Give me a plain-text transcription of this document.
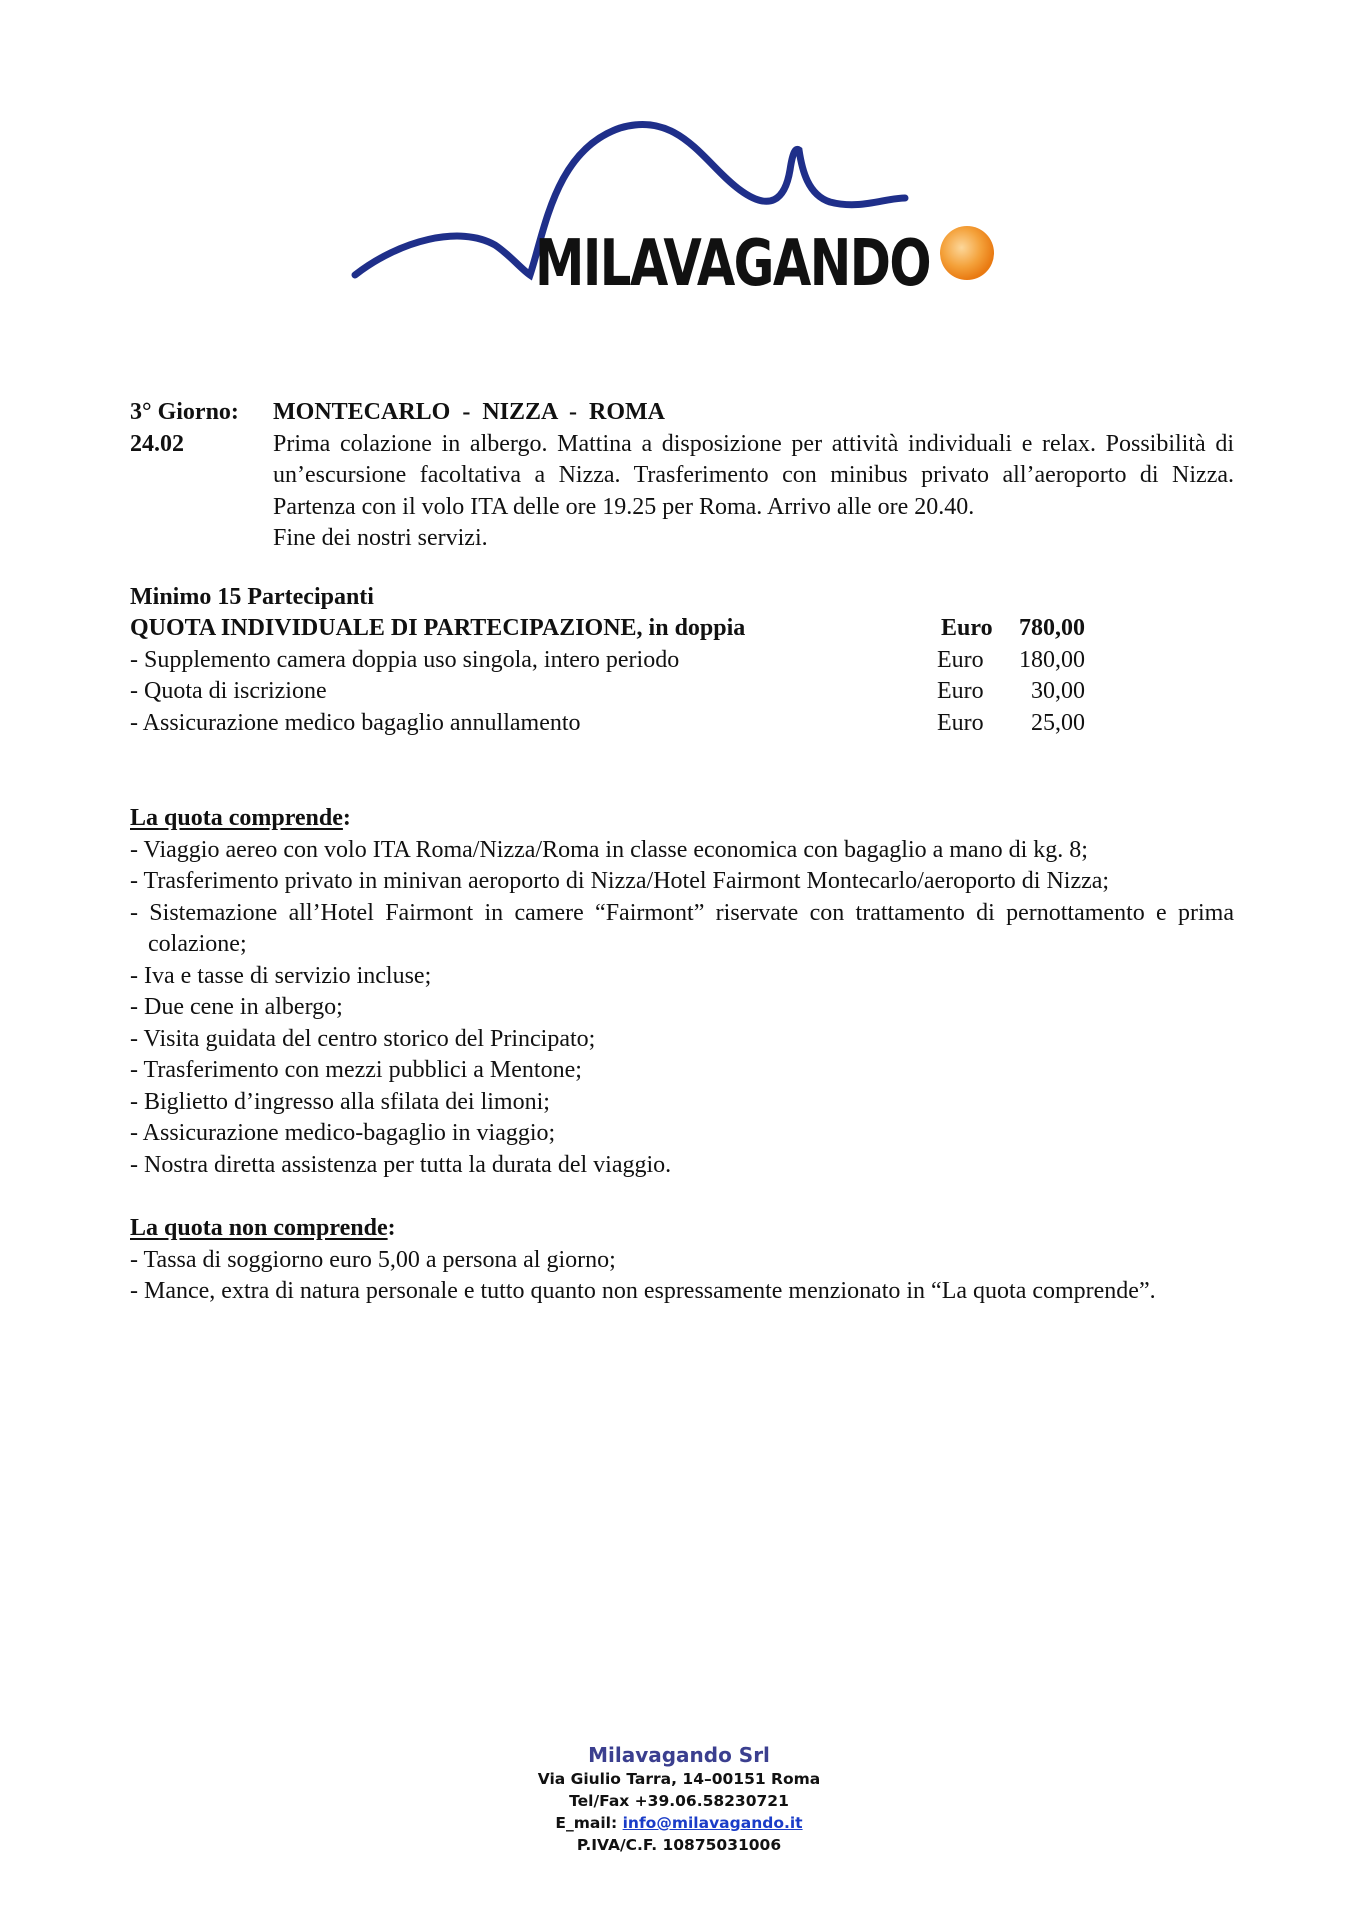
MILAVAGANDO
3° Giorno:
24.02
MONTECARLO - NIZZA - ROMA
Prima colazione in albergo. Mattina a disposizione per attività individuali e relax. Possibilità di un’escursione facoltativa a Nizza. Trasferimento con minibus privato all’aeroporto di Nizza. Partenza con il volo ITA delle ore 19.25 per Roma. Arrivo alle ore 20.40.
Fine dei nostri servizi.
Minimo 15 Partecipanti
QUOTA INDIVIDUALE DI PARTECIPAZIONE, in doppia	Euro	780,00
- Supplemento camera doppia uso singola, intero periodo	Euro	180,00
- Quota di iscrizione	Euro	30,00
- Assicurazione medico bagaglio annullamento	Euro	25,00
La quota comprende:
- Viaggio aereo con volo ITA Roma/Nizza/Roma in classe economica con bagaglio a mano di kg. 8;
- Trasferimento privato in minivan aeroporto di Nizza/Hotel Fairmont Montecarlo/aeroporto di Nizza;
- Sistemazione all’Hotel Fairmont in camere “Fairmont” riservate con trattamento di pernottamento e prima colazione;
- Iva e tasse di servizio incluse;
- Due cene in albergo;
- Visita guidata del centro storico del Principato;
- Trasferimento con mezzi pubblici a Mentone;
- Biglietto d’ingresso alla sfilata dei limoni;
- Assicurazione medico-bagaglio in viaggio;
- Nostra diretta assistenza per tutta la durata del viaggio.
La quota non comprende:
- Tassa di soggiorno euro 5,00 a persona al giorno;
- Mance, extra di natura personale e tutto quanto non espressamente menzionato in “La quota comprende”.
Milavagando Srl
Via Giulio Tarra, 14–00151 Roma
Tel/Fax +39.06.58230721
E_mail: info@milavagando.it
P.IVA/C.F. 10875031006
